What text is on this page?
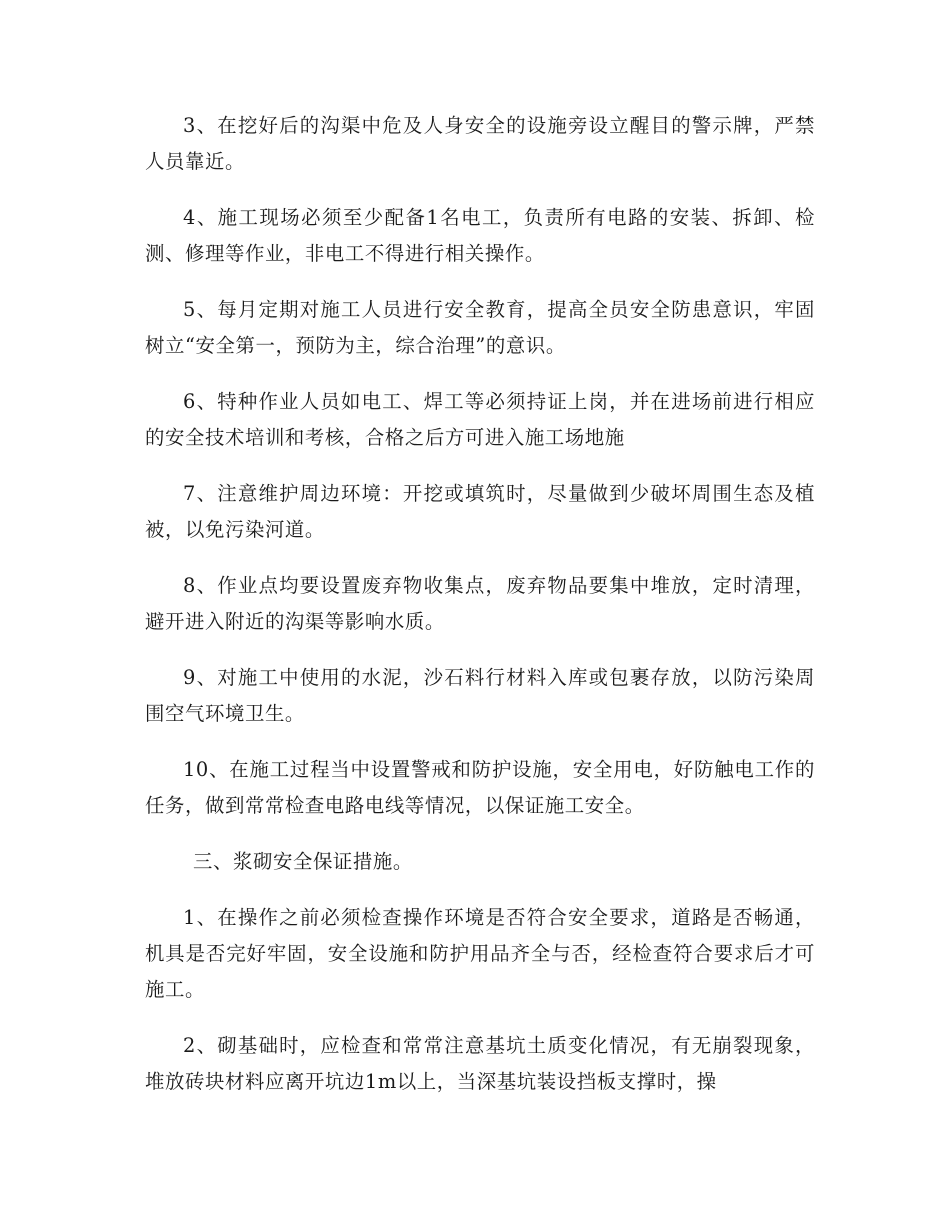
3、在挖好后的沟渠中危及人身安全的设施旁设立醒目的警示牌，严禁人员靠近。

4、施工现场必须至少配备1名电工，负责所有电路的安装、拆卸、检测、修理等作业，非电工不得进行相关操作。

5、每月定期对施工人员进行安全教育，提高全员安全防患意识，牢固树立“安全第一，预防为主，综合治理”的意识。

6、特种作业人员如电工、焊工等必须持证上岗，并在进场前进行相应的安全技术培训和考核，合格之后方可进入施工场地施

7、注意维护周边环境：开挖或填筑时，尽量做到少破坏周围生态及植被，以免污染河道。

8、作业点均要设置废弃物收集点，废弃物品要集中堆放，定时清理，避开进入附近的沟渠等影响水质。

9、对施工中使用的水泥，沙石料行材料入库或包裹存放，以防污染周围空气环境卫生。

10、在施工过程当中设置警戒和防护设施，安全用电，好防触电工作的任务，做到常常检查电路电线等情况，以保证施工安全。

三、浆砌安全保证措施。

1、在操作之前必须检查操作环境是否符合安全要求，道路是否畅通，机具是否完好牢固，安全设施和防护用品齐全与否，经检查符合要求后才可施工。

2、砌基础时，应检查和常常注意基坑土质变化情况，有无崩裂现象，堆放砖块材料应离开坑边1m以上，当深基坑装设挡板支撑时，操
